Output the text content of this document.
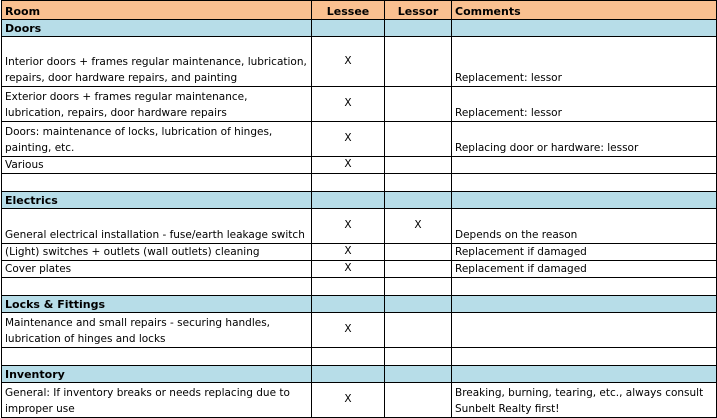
Room	Lessee	Lessor	Comments
Doors			
Interior doors + frames regular maintenance, lubrication, repairs, door hardware repairs, and painting	X		Replacement: lessor
Exterior doors + frames regular maintenance, lubrication, repairs, door hardware repairs	X		Replacement: lessor
Doors: maintenance of locks, lubrication of hinges, painting, etc.	X		Replacing door or hardware: lessor
Various	X		

Electrics			
General electrical installation - fuse/earth leakage switch	X	X	Depends on the reason
(Light) switches + outlets (wall outlets) cleaning	X		Replacement if damaged
Cover plates	X		Replacement if damaged

Locks & Fittings			
Maintenance and small repairs - securing handles, lubrication of hinges and locks	X		

Inventory			
General: If inventory breaks or needs replacing due to improper use	X		Breaking, burning, tearing, etc., always consult Sunbelt Realty first!
